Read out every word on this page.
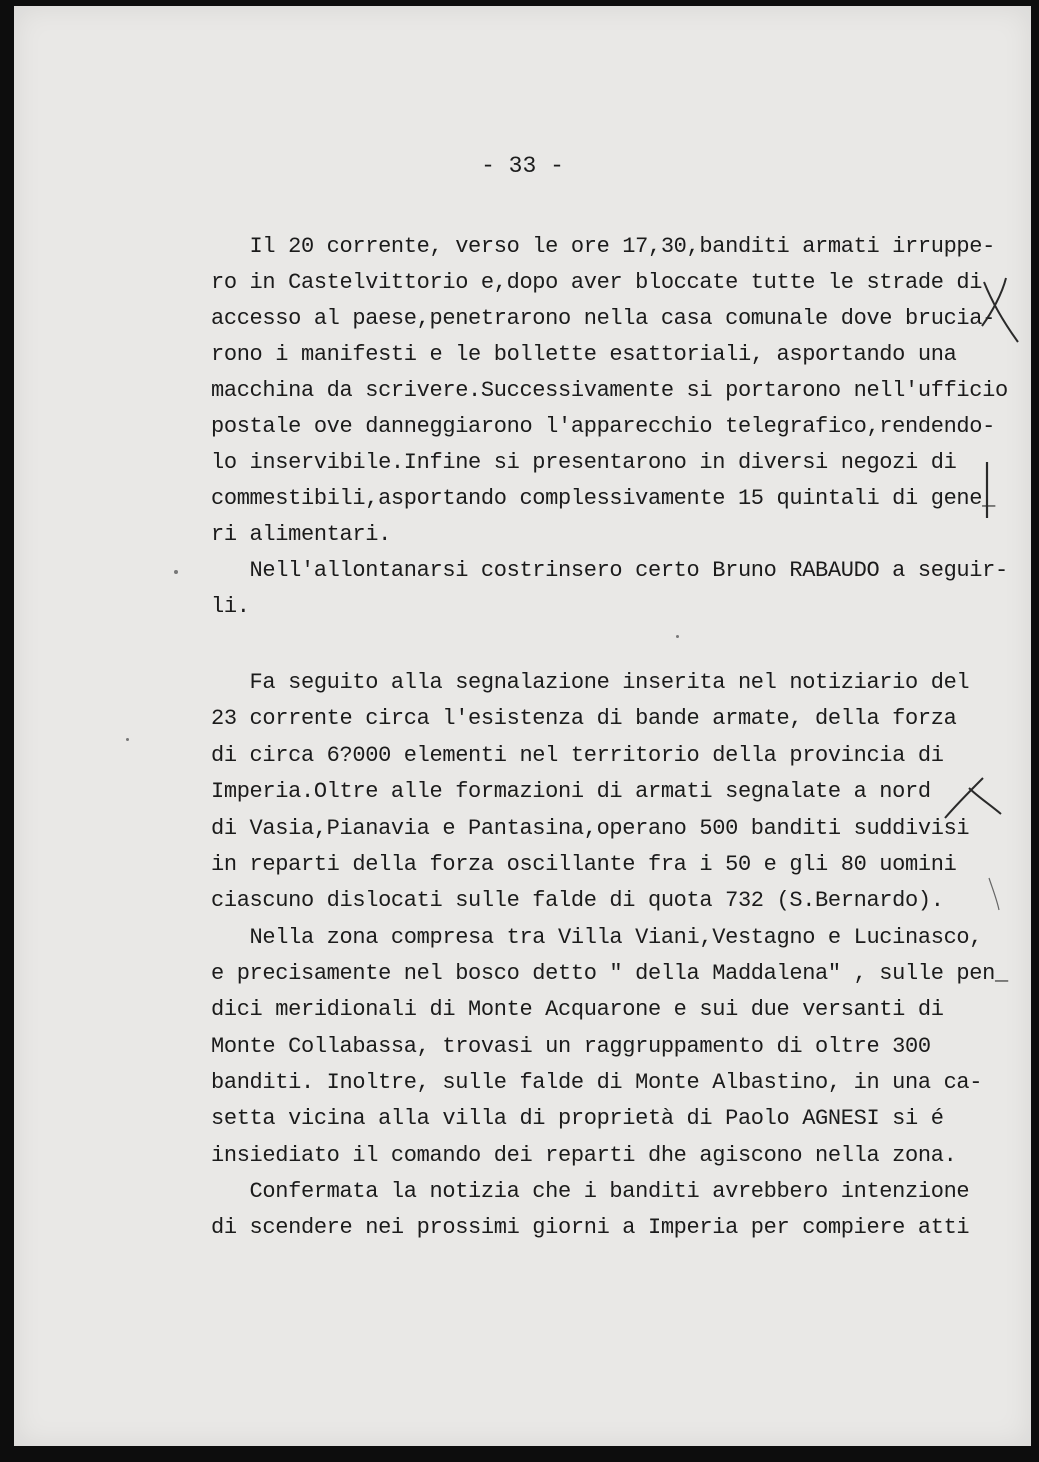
- 33 -
Il 20 corrente, verso le ore 17,30,banditi armati irruppe-
ro in Castelvittorio e,dopo aver bloccate tutte le strade di
accesso al paese,penetrarono nella casa comunale dove brucia-
rono i manifesti e le bollette esattoriali, asportando una
macchina da scrivere.Successivamente si portarono nell'ufficio
postale ove danneggiarono l'apparecchio telegrafico,rendendo-
lo inservibile.Infine si presentarono in diversi negozi di
commestibili,asportando complessivamente 15 quintali di gene_
ri alimentari.
Nell'allontanarsi costrinsero certo Bruno RABAUDO a seguir-
li.
Fa seguito alla segnalazione inserita nel notiziario del
23 corrente circa l'esistenza di bande armate, della forza
di circa 6?000 elementi nel territorio della provincia di
Imperia.Oltre alle formazioni di armati segnalate a nord
di Vasia,Pianavia e Pantasina,operano 500 banditi suddivisi
in reparti della forza oscillante fra i 50 e gli 80 uomini
ciascuno dislocati sulle falde di quota 732 (S.Bernardo).
Nella zona compresa tra Villa Viani,Vestagno e Lucinasco,
e precisamente nel bosco detto " della Maddalena" , sulle pen_
dici meridionali di Monte Acquarone e sui due versanti di
Monte Collabassa, trovasi un raggruppamento di oltre 300
banditi. Inoltre, sulle falde di Monte Albastino, in una ca-
setta vicina alla villa di proprietà di Paolo AGNESI si é
insiediato il comando dei reparti dhe agiscono nella zona.
Confermata la notizia che i banditi avrebbero intenzione
di scendere nei prossimi giorni a Imperia per compiere atti
